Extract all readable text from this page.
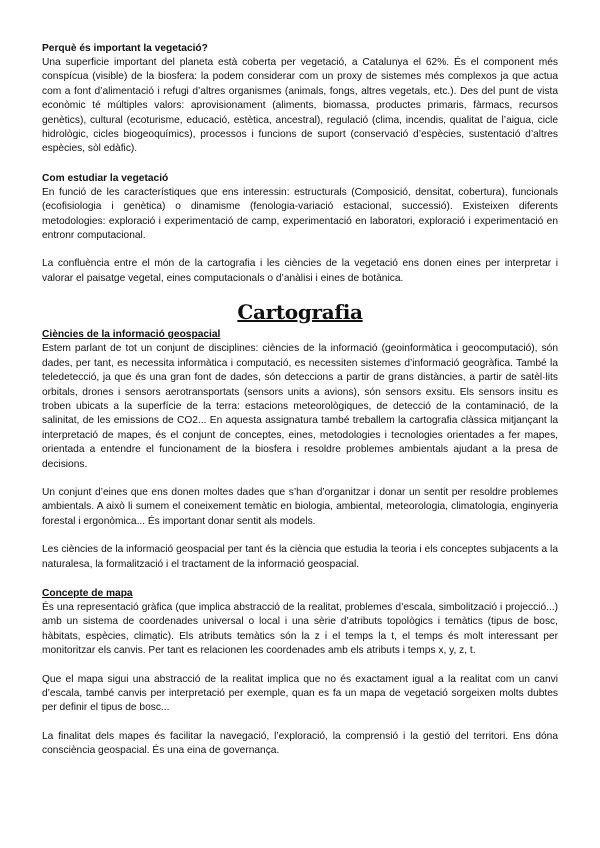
Perquè és important la vegetació?

Una superficie important del planeta està coberta per vegetació, a Catalunya el 62%. És el component més conspícua (visible) de la biosfera: la podem considerar com un proxy de sistemes més complexos ja que actua com a font d’alimentació i refugi d’altres organismes (animals, fongs, altres vegetals, etc.). Des del punt de vista econòmic té múltiples valors: aprovisionament (aliments, biomassa, productes primaris, fàrmacs, recursos genètics), cultural (ecoturisme, educació, estètica, ancestral), regulació (clima, incendis, qualitat de l’aigua, cicle hidrològic, cicles biogeoquímics), processos i funcions de suport (conservació d’espècies, sustentació d’altres espècies, sòl edàfic).

Com estudiar la vegetació

En funció de les característiques que ens interessin: estructurals (Composició, densitat, cobertura), funcionals (ecofisiologia i genètica) o dinamisme (fenologia-variació estacional, successió). Existeixen diferents metodologies: exploració i experimentació de camp, experimentació en laboratori, exploració i experimentació en entronr computacional.

La confluència entre el món de la cartografia i les ciències de la vegetació ens donen eines per interpretar i valorar el paisatge vegetal, eines computacionals o d’anàlisi i eines de botànica.

Cartografia
Ciències de la informació geospacial

Estem parlant de tot un conjunt de disciplines: ciències de la informació (geoinformàtica i geocomputació), són dades, per tant, es necessita informàtica i computació, es necessiten sistemes d’informació geogràfica. També la teledetecció, ja que és una gran font de dades, són deteccions a partir de grans distàncies, a partir de satèl·lits orbitals, drones i sensors aerotransportats (sensors units a avions), són sensors exsitu. Els sensors insitu es troben ubicats a la superfície de la terra: estacions meteorològiques, de detecció de la contaminació, de la salinitat, de les emissions de CO2... En aquesta assignatura també treballem la cartografia clàssica mitjançant la interpretació de mapes, és el conjunt de conceptes, eines, metodologies i tecnologies orientades a fer mapes, orientada a entendre el funcionament de la biosfera i resoldre problemes ambientals ajudant a la presa de decisions.

Un conjunt d’eines que ens donen moltes dades que s’han d’organitzar i donar un sentit per resoldre problemes ambientals. A això li sumem el coneixement temàtic en biologia, ambiental, meteorologia, climatologia, enginyeria forestal i ergonòmica... És important donar sentit als models.

Les ciències de la informació geospacial per tant és la ciència que estudia la teoria i els conceptes subjacents a la naturalesa, la formalització i el tractament de la informació geospacial.

Concepte de mapa

És una representació gràfica (que implica abstracció de la realitat, problemes d’escala, simbolització i projecció...) amb un sistema de coordenades universal o local i una sèrie d’atributs topològics i temàtics (tipus de bosc, hàbitats, espècies, clima̱tic). Els atributs temàtics són la z i el temps la t, el temps és molt interessant per monitoritzar els canvis. Per tant es relacionen les coordenades amb els atributs i temps x, y, z, t.

Que el mapa sigui una abstracció de la realitat implica que no és exactament igual a la realitat com un canvi d’escala, també canvis per interpretació per exemple, quan es fa un mapa de vegetació sorgeixen molts dubtes per definir el tipus de bosc...

La finalitat dels mapes és facilitar la navegació, l’exploració, la comprensió i la gestió del territori. Ens dóna consciència geospacial. És una eina de governança.
